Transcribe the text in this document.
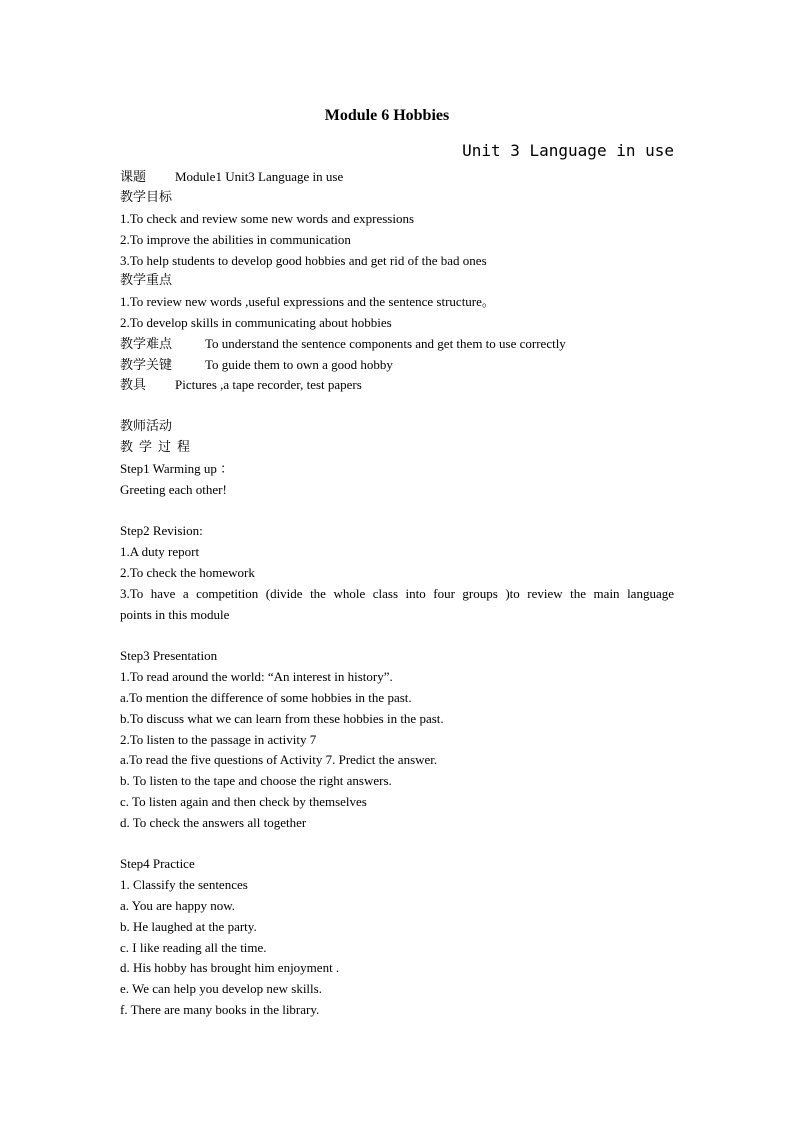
Module 6 Hobbies
Unit 3 Language in use
课题 Module1 Unit3 Language in use
教学目标
1.To check and review some new words and expressions
2.To improve the abilities in communication
3.To help students to develop good hobbies and get rid of the bad ones
教学重点
1.To review new words ,useful expressions and the sentence structure。
2.To develop skills in communicating about hobbies
教学难点	To understand the sentence components and get them to use correctly
教学关键	To guide them to own a good hobby
教具 Pictures ,a tape recorder, test papers
教师活动
教学过程
Step1 Warming up ：
Greeting each other!
Step2 Revision:
1.A duty report
2.To check the homework
3.To have a competition (divide the whole class into four groups )to review the main language
points in this module
Step3 Presentation
1.To read around the world: “An interest in history”.
a.To mention the difference of some hobbies in the past.
b.To discuss what we can learn from these hobbies in the past.
2.To listen to the passage in activity 7
a.To read the five questions of Activity 7. Predict the answer.
b. To listen to the tape and choose the right answers.
c. To listen again and then check by themselves
d. To check the answers all together
Step4 Practice
1. Classify the sentences
a. You are happy now.
b. He laughed at the party.
c. I like reading all the time.
d. His hobby has brought him enjoyment .
e. We can help you develop new skills.
f. There are many books in the library.
